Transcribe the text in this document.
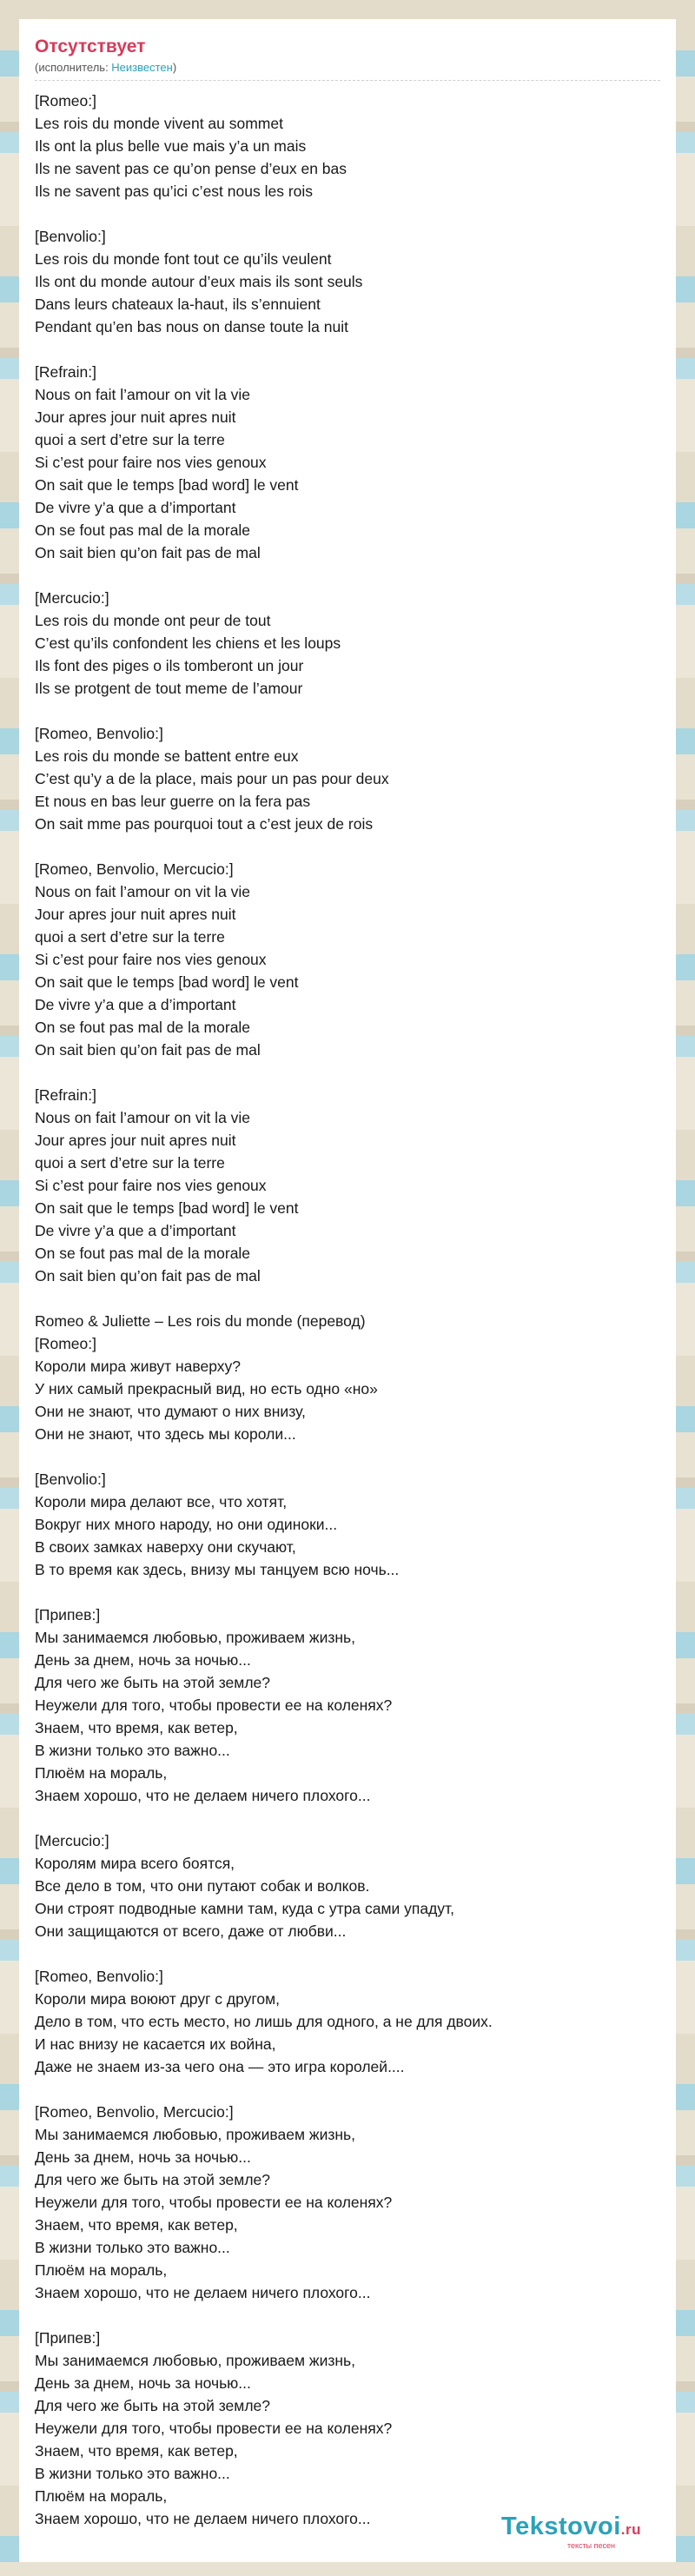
Отсутствует
(исполнитель: Неизвестен)
[Romeo:]
Les rois du monde vivent au sommet
Ils ont la plus belle vue mais y’a un mais
Ils ne savent pas ce qu’on pense d’eux en bas
Ils ne savent pas qu’ici c’est nous les rois
[Benvolio:]
Les rois du monde font tout ce qu’ils veulent
Ils ont du monde autour d’eux mais ils sont seuls
Dans leurs chateaux la-haut, ils s’ennuient
Pendant qu’en bas nous on danse toute la nuit
[Refrain:]
Nous on fait l’amour on vit la vie
Jour apres jour nuit apres nuit
quoi a sert d’etre sur la terre
Si c’est pour faire nos vies genoux
On sait que le temps [bad word] le vent
De vivre y’a que a d’important
On se fout pas mal de la morale
On sait bien qu’on fait pas de mal
[Mercucio:]
Les rois du monde ont peur de tout
C’est qu’ils confondent les chiens et les loups
Ils font des piges o ils tomberont un jour
Ils se protgent de tout meme de l’amour
[Romeo, Benvolio:]
Les rois du monde se battent entre eux
C’est qu’y a de la place, mais pour un pas pour deux
Et nous en bas leur guerre on la fera pas
On sait mme pas pourquoi tout a c’est jeux de rois
[Romeo, Benvolio, Mercucio:]
Nous on fait l’amour on vit la vie
Jour apres jour nuit apres nuit
quoi a sert d’etre sur la terre
Si c’est pour faire nos vies genoux
On sait que le temps [bad word] le vent
De vivre y’a que a d’important
On se fout pas mal de la morale
On sait bien qu’on fait pas de mal
[Refrain:]
Nous on fait l’amour on vit la vie
Jour apres jour nuit apres nuit
quoi a sert d’etre sur la terre
Si c’est pour faire nos vies genoux
On sait que le temps [bad word] le vent
De vivre y’a que a d’important
On se fout pas mal de la morale
On sait bien qu’on fait pas de mal
Romeo & Juliette – Les rois du monde (перевод)
[Romeo:]
Короли мира живут наверху?
У них самый прекрасный вид, но есть одно «но»
Они не знают, что думают о них внизу,
Они не знают, что здесь мы короли...
[Benvolio:]
Короли мира делают все, что хотят,
Вокруг них много народу, но они одиноки...
В своих замках наверху они скучают,
В то время как здесь, внизу мы танцуем всю ночь...
[Припев:]
Мы занимаемся любовью, проживаем жизнь,
День за днем, ночь за ночью...
Для чего же быть на этой земле?
Неужели для того, чтобы провести ее на коленях?
Знаем, что время, как ветер,
В жизни только это важно...
Плюём на мораль,
Знаем хорошо, что не делаем ничего плохого...
[Mercucio:]
Королям мира всего боятся,
Все дело в том, что они путают собак и волков.
Они строят подводные камни там, куда с утра сами упадут,
Они защищаются от всего, даже от любви...
[Romeo, Benvolio:]
Короли мира воюют друг с другом,
Дело в том, что есть место, но лишь для одного, а не для двоих.
И нас внизу не касается их война,
Даже не знаем из-за чего она — это игра королей....
[Romeo, Benvolio, Mercucio:]
Мы занимаемся любовью, проживаем жизнь,
День за днем, ночь за ночью...
Для чего же быть на этой земле?
Неужели для того, чтобы провести ее на коленях?
Знаем, что время, как ветер,
В жизни только это важно...
Плюём на мораль,
Знаем хорошо, что не делаем ничего плохого...
[Припев:]
Мы занимаемся любовью, проживаем жизнь,
День за днем, ночь за ночью...
Для чего же быть на этой земле?
Неужели для того, чтобы провести ее на коленях?
Знаем, что время, как ветер,
В жизни только это важно...
Плюём на мораль,
Знаем хорошо, что не делаем ничего плохого...	Tekstovoi.ru
тексты песен
